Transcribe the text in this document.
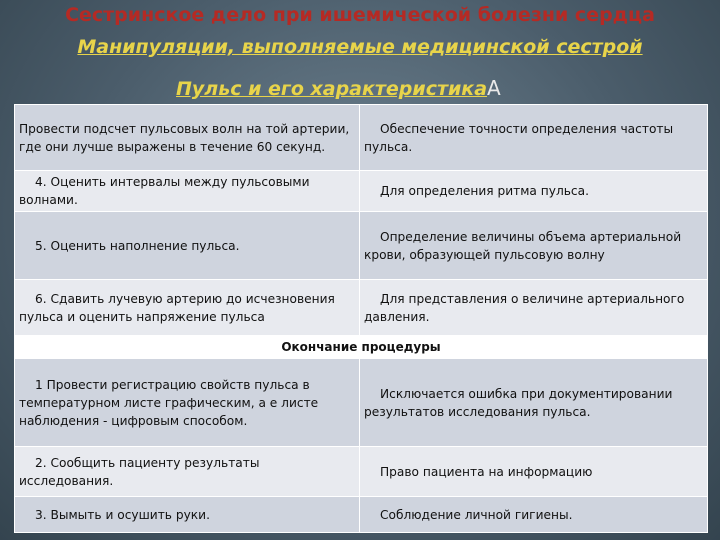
Сестринское дело при ишемической болезни сердца
Манипуляции, выполняемые медицинской сестрой
Пульс и его характеристикаА
Провести подсчет пульсовых волн на той артерии, где они лучше выражены в течение 60 секунд.	Обеспечение точности определения частоты пульса.
4. Оценить интервалы между пульсовыми волнами.	Для определения ритма пульса.
5. Оценить наполнение пульса.	Определение величины объема артериальной крови, образующей пульсовую волну
6. Сдавить лучевую артерию до исчезновения пульса и оценить напряжение пульса	Для представления о величине артериального давления.
Окончание процедуры	
1 Провести регистрацию свойств пульса в температурном листе графическим, а е листе наблюдения - цифровым способом.	Исключается ошибка при документировании результатов исследования пульса.
2. Сообщить пациенту результаты исследования.	Право пациента на информацию
3. Вымыть и осушить руки.	Соблюдение личной гигиены.
